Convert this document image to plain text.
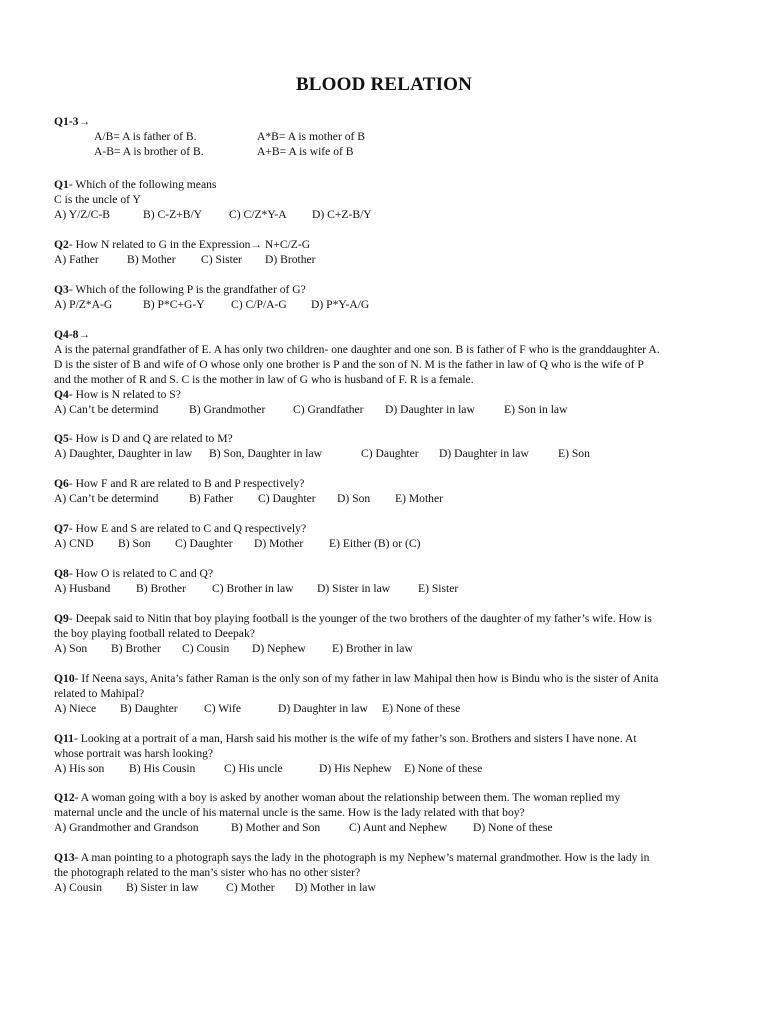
BLOOD RELATION
Q1-3→
A/B= A is father of B.	A*B= A is mother of B
A-B= A is brother of B.	A+B= A is wife of B
Q1- Which of the following means
C is the uncle of Y
A) Y/Z/C-B	B) C-Z+B/Y C) C/Z*Y-A D) C+Z-B/Y
Q2- How N related to G in the Expression→ N+C/Z-G
A) Father B) Mother C) Sister D) Brother
Q3- Which of the following P is the grandfather of G?
A) P/Z*A-G	B) P*C+G-Y C) C/P/A-G D) P*Y-A/G
Q4-8→
A is the paternal grandfather of E. A has only two children- one daughter and one son. B is father of F who is the granddaughter A.
D is the sister of B and wife of O whose only one brother is P and the son of N. M is the father in law of Q who is the wife of P
and the mother of R and S. C is the mother in law of G who is husband of F. R is a female.
Q4- How is N related to S?
A) Can’t be determind	B) Grandmother C) Grandfather D) Daughter in law	E) Son in law
Q5- How is D and Q are related to M?
A) Daughter, Daughter in law B) Son, Daughter in law	C) Daughter D) Daughter in law	E) Son
Q6- How F and R are related to B and P respectively?
A) Can’t be determind	B) Father C) Daughter D) Son E) Mother
Q7- How E and S are related to C and Q respectively?
A) CND B) Son C) Daughter D) Mother E) Either (B) or (C)
Q8- How O is related to C and Q?
A) Husband B) Brother C) Brother in law D) Sister in law E) Sister
Q9- Deepak said to Nitin that boy playing football is the younger of the two brothers of the daughter of my father’s wife. How is
the boy playing football related to Deepak?
A) Son B) Brother C) Cousin D) Nephew E) Brother in law
Q10- If Neena says, Anita’s father Raman is the only son of my father in law Mahipal then how is Bindu who is the sister of Anita
related to Mahipal?
A) Niece B) Daughter C) Wife	D) Daughter in law E) None of these
Q11- Looking at a portrait of a man, Harsh said his mother is the wife of my father’s son. Brothers and sisters I have none. At
whose portrait was harsh looking?
A) His son B) His Cousin C) His uncle	D) His Nephew E) None of these
Q12- A woman going with a boy is asked by another woman about the relationship between them. The woman replied my
maternal uncle and the uncle of his maternal uncle is the same. How is the lady related with that boy?
A) Grandmother and Grandson	B) Mother and Son C) Aunt and Nephew D) None of these
Q13- A man pointing to a photograph says the lady in the photograph is my Nephew’s maternal grandmother. How is the lady in
the photograph related to the man’s sister who has no other sister?
A) Cousin B) Sister in law C) Mother D) Mother in law
